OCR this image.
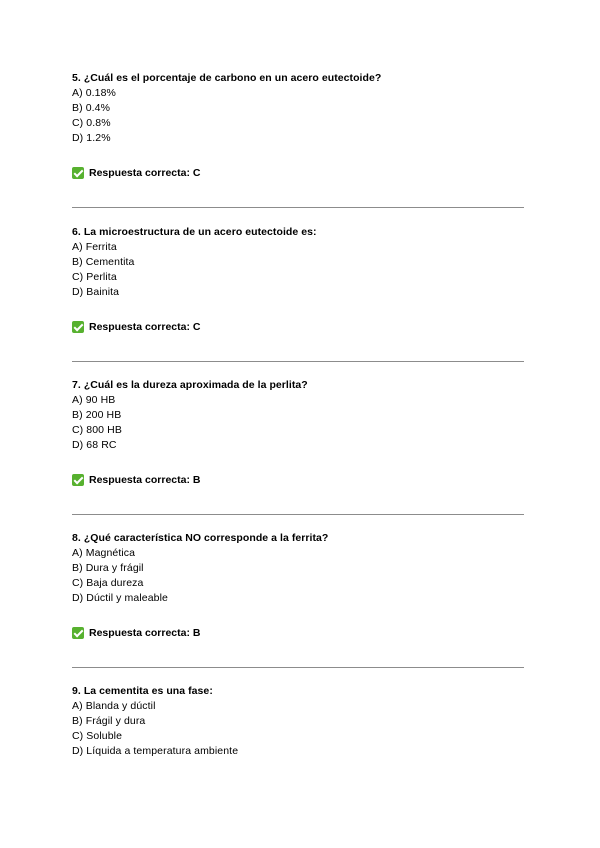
5. ¿Cuál es el porcentaje de carbono en un acero eutectoide?

A) 0.18%
B) 0.4%
C) 0.8%
D) 1.2%
Respuesta correcta: C

6. La microestructura de un acero eutectoide es:

A) Ferrita
B) Cementita
C) Perlita
D) Bainita
Respuesta correcta: C

7. ¿Cuál es la dureza aproximada de la perlita?

A) 90 HB
B) 200 HB
C) 800 HB
D) 68 RC
Respuesta correcta: B

8. ¿Qué característica NO corresponde a la ferrita?

A) Magnética
B) Dura y frágil
C) Baja dureza
D) Dúctil y maleable
Respuesta correcta: B

9. La cementita es una fase:

A) Blanda y dúctil
B) Frágil y dura
C) Soluble
D) Líquida a temperatura ambiente
